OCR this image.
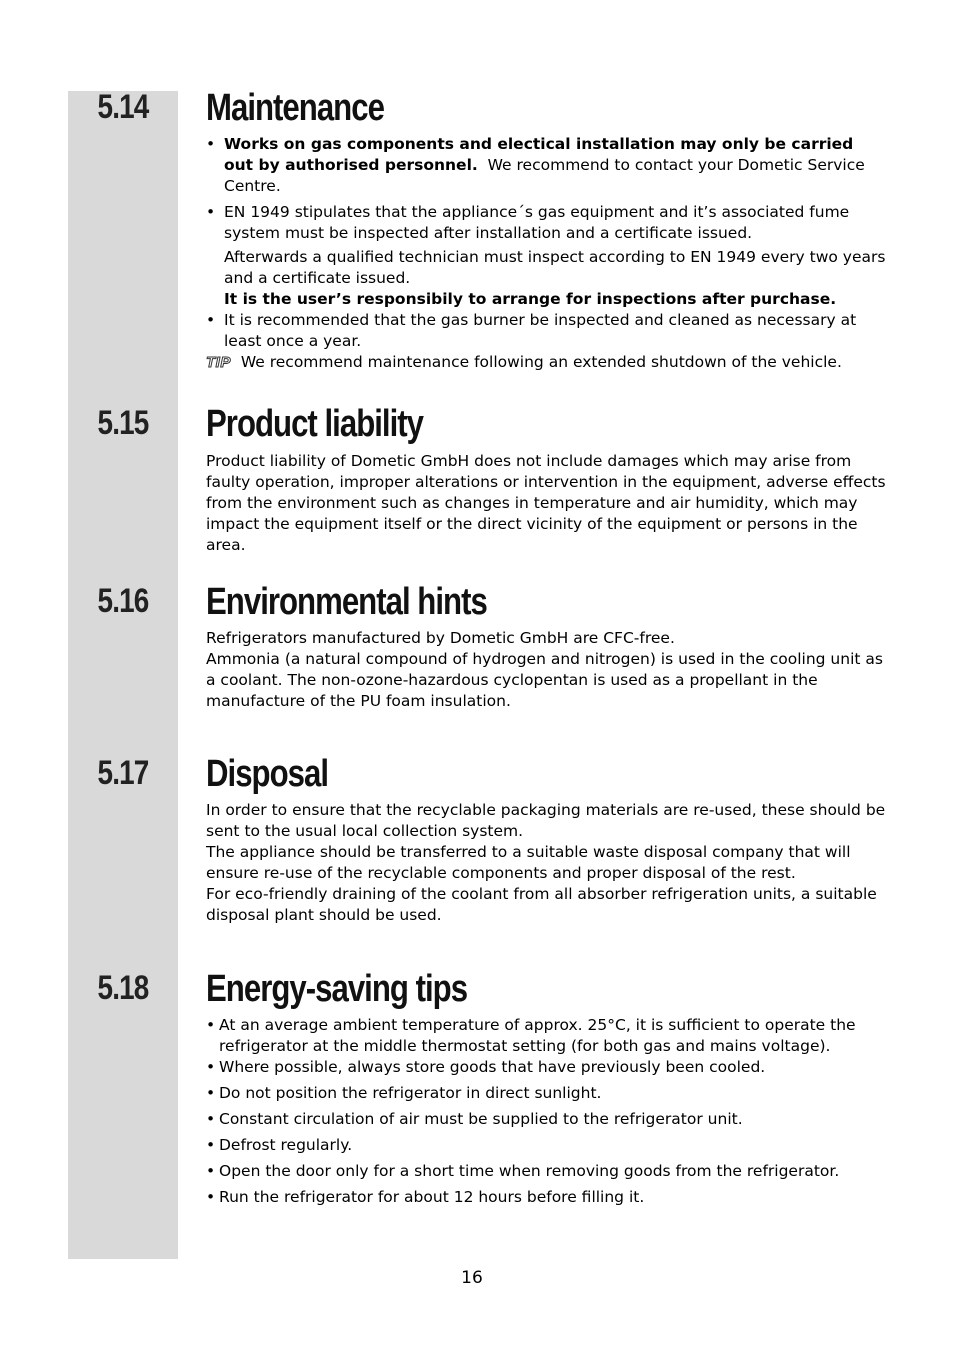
5.14	Maintenance
• Works on gas components and electical installation may only be carried out by authorised personnel. We recommend to contact your Dometic Service Centre.
• EN 1949 stipulates that the appliance´s gas equipment and it’s associated fume system must be inspected after installation and a certificate issued.

Afterwards a qualified technician must inspect according to EN 1949 every two years and a certificate issued.

It is the user’s responsibily to arrange for inspections after purchase.

• It is recommended that the gas burner be inspected and cleaned as necessary at least once a year.
TIP We recommend maintenance following an extended shutdown of the vehicle.
5.15	Product liability

Product liability of Dometic GmbH does not include damages which may arise from faulty operation, improper alterations or intervention in the equipment, adverse effects from the environment such as changes in temperature and air humidity, which may impact the equipment itself or the direct vicinity of the equipment or persons in the area.

5.16	Environmental hints

Refrigerators manufactured by Dometic GmbH are CFC-free.

Ammonia (a natural compound of hydrogen and nitrogen) is used in the cooling unit as a coolant. The non-ozone-hazardous cyclopentan is used as a propellant in the manufacture of the PU foam insulation.

5.17	Disposal

In order to ensure that the recyclable packaging materials are re-used, these should be sent to the usual local collection system.

The appliance should be transferred to a suitable waste disposal company that will ensure re-use of the recyclable components and proper disposal of the rest.

For eco-friendly draining of the coolant from all absorber refrigeration units, a suitable disposal plant should be used.

5.18	Energy-saving tips
• At an average ambient temperature of approx. 25°C, it is sufficient to operate the refrigerator at the middle thermostat setting (for both gas and mains voltage).
• Where possible, always store goods that have previously been cooled.
• Do not position the refrigerator in direct sunlight.
• Constant circulation of air must be supplied to the refrigerator unit.
• Defrost regularly.
• Open the door only for a short time when removing goods from the refrigerator.
• Run the refrigerator for about 12 hours before filling it.
16
